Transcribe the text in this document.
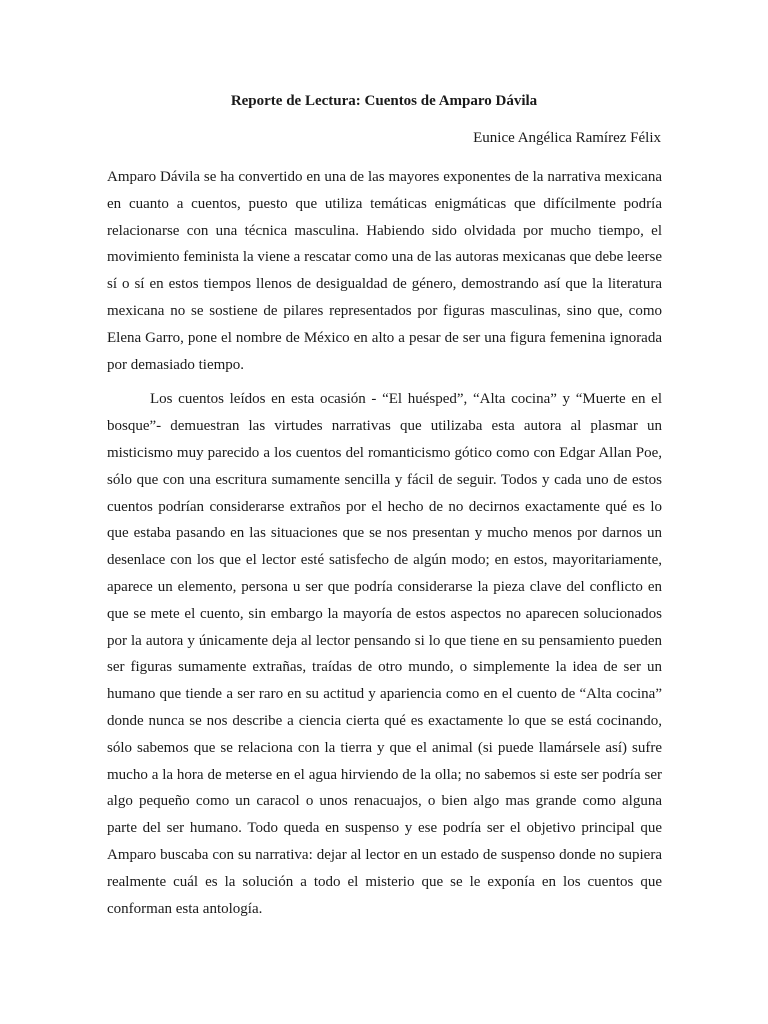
Reporte de Lectura: Cuentos de Amparo Dávila
Eunice Angélica Ramírez Félix

Amparo Dávila se ha convertido en una de las mayores exponentes de la narrativa mexicana en cuanto a cuentos, puesto que utiliza temáticas enigmáticas que difícilmente podría relacionarse con una técnica masculina. Habiendo sido olvidada por mucho tiempo, el movimiento feminista la viene a rescatar como una de las autoras mexicanas que debe leerse sí o sí en estos tiempos llenos de desigualdad de género, demostrando así que la literatura mexicana no se sostiene de pilares representados por figuras masculinas, sino que, como Elena Garro, pone el nombre de México en alto a pesar de ser una figura femenina ignorada por demasiado tiempo.

Los cuentos leídos en esta ocasión - “El huésped”, “Alta cocina” y “Muerte en el bosque”- demuestran las virtudes narrativas que utilizaba esta autora al plasmar un misticismo muy parecido a los cuentos del romanticismo gótico como con Edgar Allan Poe, sólo que con una escritura sumamente sencilla y fácil de seguir. Todos y cada uno de estos cuentos podrían considerarse extraños por el hecho de no decirnos exactamente qué es lo que estaba pasando en las situaciones que se nos presentan y mucho menos por darnos un desenlace con los que el lector esté satisfecho de algún modo; en estos, mayoritariamente, aparece un elemento, persona u ser que podría considerarse la pieza clave del conflicto en que se mete el cuento, sin embargo la mayoría de estos aspectos no aparecen solucionados por la autora y únicamente deja al lector pensando si lo que tiene en su pensamiento pueden ser figuras sumamente extrañas, traídas de otro mundo, o simplemente la idea de ser un humano que tiende a ser raro en su actitud y apariencia como en el cuento de “Alta cocina” donde nunca se nos describe a ciencia cierta qué es exactamente lo que se está cocinando, sólo sabemos que se relaciona con la tierra y que el animal (si puede llamársele así) sufre mucho a la hora de meterse en el agua hirviendo de la olla; no sabemos si este ser podría ser algo pequeño como un caracol o unos renacuajos, o bien algo mas grande como alguna parte del ser humano. Todo queda en suspenso y ese podría ser el objetivo principal que Amparo buscaba con su narrativa: dejar al lector en un estado de suspenso donde no supiera realmente cuál es la solución a todo el misterio que se le exponía en los cuentos que conforman esta antología.
